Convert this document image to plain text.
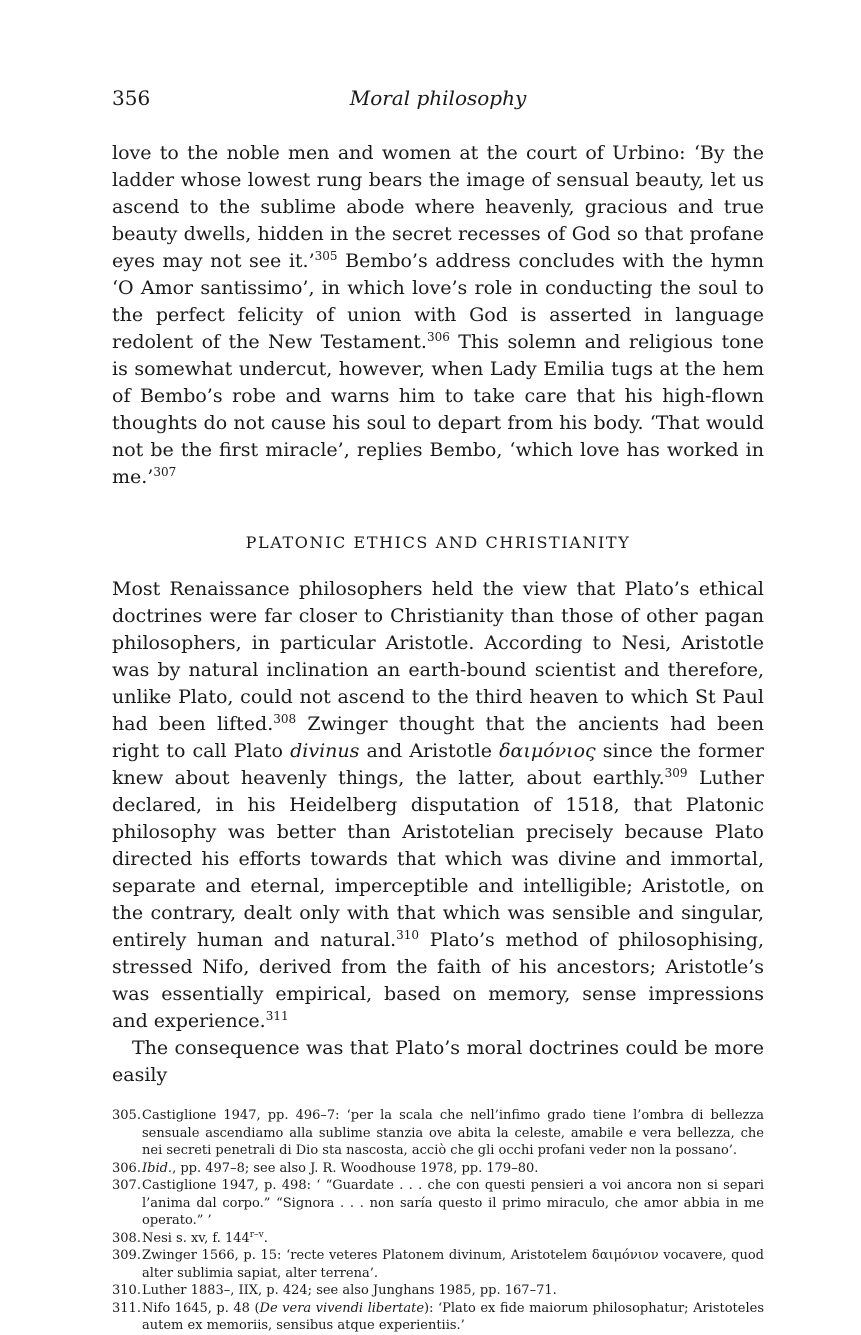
356	Moral philosophy

love to the noble men and women at the court of Urbino: ‘By the ladder whose lowest rung bears the image of sensual beauty, let us ascend to the sublime abode where heavenly, gracious and true beauty dwells, hidden in the secret recesses of God so that profane eyes may not see it.’$^{305}$ Bembo’s address concludes with the hymn ‘O Amor santissimo’, in which love’s role in conducting the soul to the perfect felicity of union with God is asserted in language redolent of the New Testament.$^{306}$ This solemn and religious tone is somewhat undercut, however, when Lady Emilia tugs at the hem of Bembo’s robe and warns him to take care that his high-flown thoughts do not cause his soul to depart from his body. ‘That would not be the first miracle’, replies Bembo, ‘which love has worked in me.’$^{307}$

PLATONIC ETHICS AND CHRISTIANITY

Most Renaissance philosophers held the view that Plato’s ethical doctrines were far closer to Christianity than those of other pagan philosophers, in particular Aristotle. According to Nesi, Aristotle was by natural inclination an earth-bound scientist and therefore, unlike Plato, could not ascend to the third heaven to which St Paul had been lifted.$^{308}$ Zwinger thought that the ancients had been right to call Plato divinus and Aristotle δαιμόνιος since the former knew about heavenly things, the latter, about earthly.$^{309}$ Luther declared, in his Heidelberg disputation of 1518, that Platonic philosophy was better than Aristotelian precisely because Plato directed his efforts towards that which was divine and immortal, separate and eternal, imperceptible and intelligible; Aristotle, on the contrary, dealt only with that which was sensible and singular, entirely human and natural.$^{310}$ Plato’s method of philosophising, stressed Nifo, derived from the faith of his ancestors; Aristotle’s was essentially empirical, based on memory, sense impressions and experience.$^{311}$

The consequence was that Plato’s moral doctrines could be more easily

305. Castiglione 1947, pp. 496–7: ‘per la scala che nell’infimo grado tiene l’ombra di bellezza sensuale ascendiamo alla sublime stanzia ove abita la celeste, amabile e vera bellezza, che nei secreti penetrali di Dio sta nascosta, acciò che gli occhi profani veder non la possano’.
306. Ibid., pp. 497–8; see also J. R. Woodhouse 1978, pp. 179–80.
307. Castiglione 1947, p. 498: ‘ “Guardate . . . che con questi pensieri a voi ancora non si separi l’anima dal corpo.” “Signora . . . non saría questo il primo miraculo, che amor abbia in me operato.” ’
308. Nesi s. xv, f. 144$^{r-v}$.
309. Zwinger 1566, p. 15: ‘recte veteres Platonem divinum, Aristotelem δαιμόνιον vocavere, quod alter sublimia sapiat, alter terrena’.
310. Luther 1883–, IIX, p. 424; see also Junghans 1985, pp. 167–71.
311. Nifo 1645, p. 48 (De vera vivendi libertate): ‘Plato ex fide maiorum philosophatur; Aristoteles autem ex memoriis, sensibus atque experientiis.’
